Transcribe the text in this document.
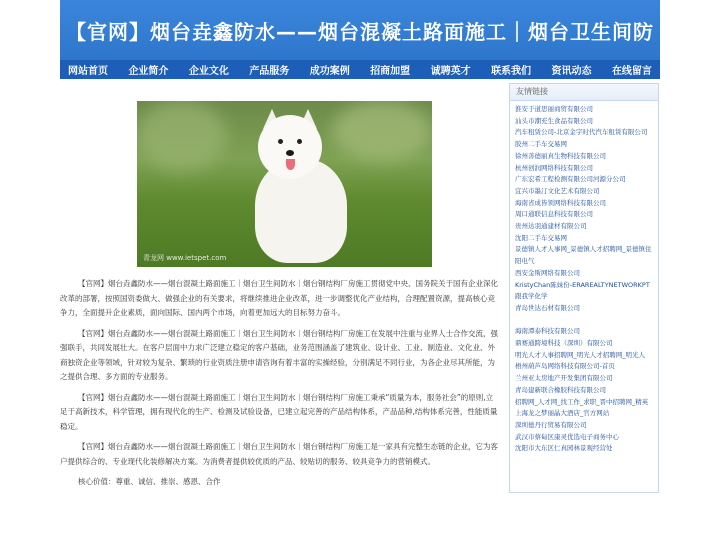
【官网】烟台垚鑫防水——烟台混凝土路面施工｜烟台卫生间防
网站首页 企业简介 企业文化 产品服务 成功案例 招商加盟 诚聘英才 联系我们 资讯动态 在线留言
青龙网 www.ietspet.com

【官网】烟台垚鑫防水——烟台混凝土路面施工｜烟台卫生间防水｜烟台钢结构厂房施工贯彻党中央、国务院关于国有企业深化改革的部署，按照国资委做大、做强企业的有关要求，将继续推进企业改革，进一步调整优化产业结构，合理配置资源，提高核心竞争力，全面提升企业素质，面向国际、国内两个市场，向着更加远大的目标努力奋斗。

【官网】烟台垚鑫防水——烟台混凝土路面施工｜烟台卫生间防水｜烟台钢结构厂房施工在发展中注重与业界人士合作交流，强强联手，共同发展壮大。在客户层面中力求广泛建立稳定的客户基础，业务范围涵盖了建筑业、设计业、工业、制造业、文化业、外商独资企业等领域，针对较为复杂、繁琐的行业资质注册申请咨询有着丰富的实操经验，分别满足不同行业，为各企业尽其所能，为之提供合理、多方面的专业服务。

【官网】烟台垚鑫防水——烟台混凝土路面施工｜烟台卫生间防水｜烟台钢结构厂房施工秉承“质量为本，服务社会”的原则,立足于高新技术，科学管理，拥有现代化的生产、检测及试验设备，已建立起完善的产品结构体系，产品品种,结构体系完善，性能质量稳定。

【官网】烟台垚鑫防水——烟台混凝土路面施工｜烟台卫生间防水｜烟台钢结构厂房施工是一家具有完整生态链的企业，它为客户提供综合的、专业现代化装修解决方案。为消费者提供较优质的产品、较贴切的服务、较具竞争力的营销模式。

核心价值：尊重、诚信、推崇、感恩、合作

友情链接
淮安于道思丽商贸有限公司
汕头市潮充生食品有限公司
汽车租赁公司-北京金宇时代汽车租赁有限公司
胶州二手车交易网
徐州善德丽真生物科技有限公司
杭州创润网络科技有限公司
广东宏希工程检测有限公司河源分公司
宜兴市墨汀文化艺术有限公司
海南省成皆领网络科技有限公司
周口通联信息科技有限公司
贵州达羽通建材有限公司
沈阳二手车交易网
景德镇人才人事网_景德镇人才招聘网_景德镇住阳电气
西安金斯网络有限公司
KristyChan陈妹份-ERAREALTYNETWORKPT跟我学化学
青岛世达石材有限公司
海南潭泰科技有限公司
鼎赛通跨境科技（深圳）有限公司
明光人才人事招聘网_明光人才招聘网_明光人
梧州葫芦岛网络科技有限公司-首页
兰州亚太房地产开发集团有限公司
青岛建新联合橡胶科技有限公司
招聘网_人才网_找工作_求职_晋中招聘网_精英
上海龙之梦丽晶大酒店_官方网站
深圳德丹行贸易有限公司
武汉市蔡甸区康灵优选电子商务中心
沈阳市大东区仁真园林景观经营处
